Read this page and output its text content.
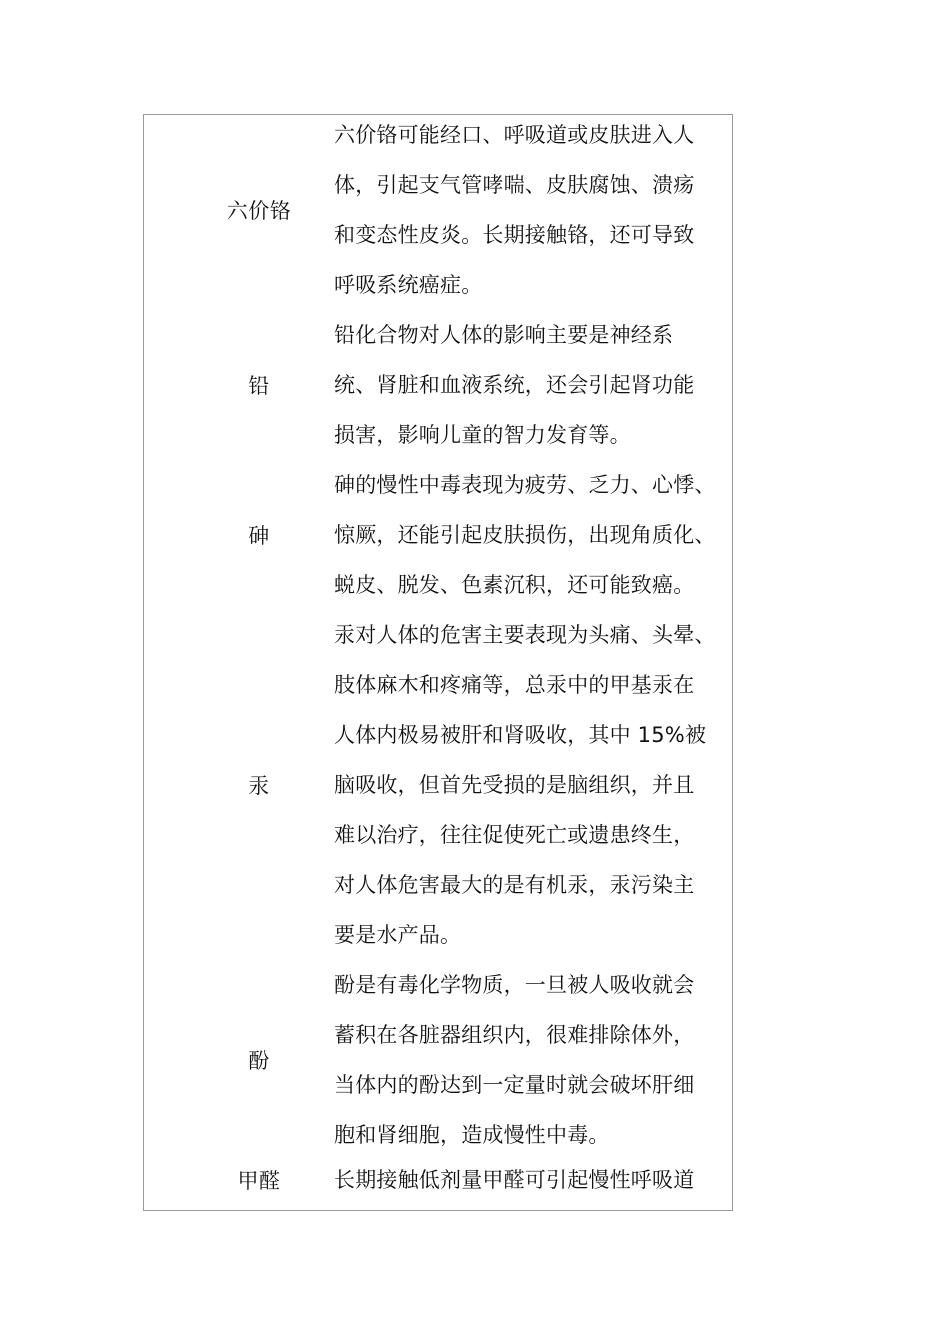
六价铬
六价铬可能经口、呼吸道或皮肤进入人
体，引起支气管哮喘、皮肤腐蚀、溃疡
和变态性皮炎。长期接触铬，还可导致
呼吸系统癌症。
铅
铅化合物对人体的影响主要是神经系
统、肾脏和血液系统，还会引起肾功能
损害，影响儿童的智力发育等。
砷
砷的慢性中毒表现为疲劳、乏力、心悸、
惊厥，还能引起皮肤损伤，出现角质化、
蜕皮、脱发、色素沉积，还可能致癌。
汞
汞对人体的危害主要表现为头痛、头晕、
肢体麻木和疼痛等，总汞中的甲基汞在
人体内极易被肝和肾吸收，其中 15%被
脑吸收，但首先受损的是脑组织，并且
难以治疗，往往促使死亡或遗患终生，
对人体危害最大的是有机汞，汞污染主
要是水产品。
酚
酚是有毒化学物质，一旦被人吸收就会
蓄积在各脏器组织内，很难排除体外，
当体内的酚达到一定量时就会破坏肝细
胞和肾细胞，造成慢性中毒。
甲醛	长期接触低剂量甲醛可引起慢性呼吸道
